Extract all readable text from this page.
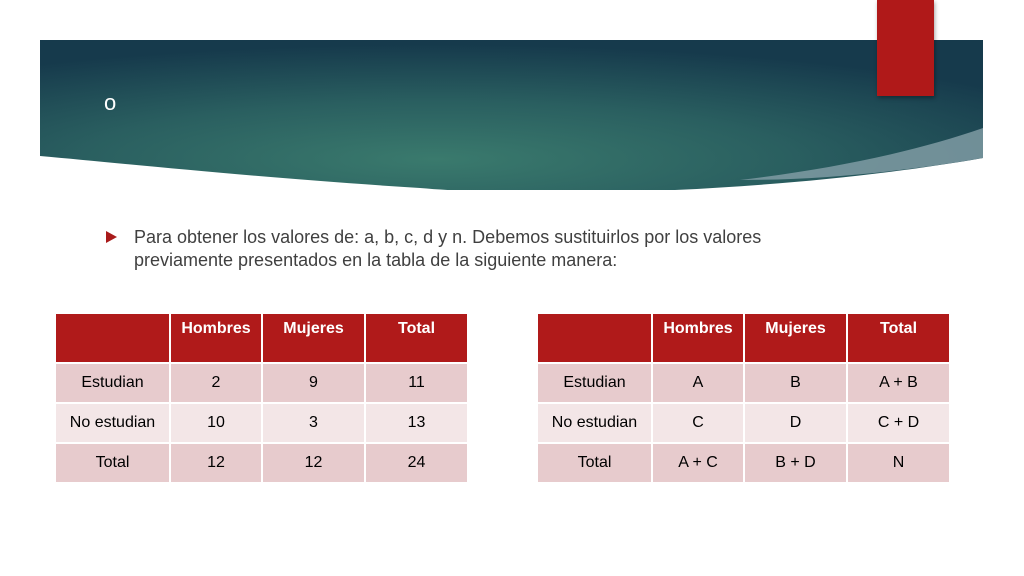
o
Para obtener los valores de: a, b, c, d y n. Debemos sustituirlos por los valores previamente presentados en la tabla de la siguiente manera:
	Hombres	Mujeres	Total
Estudian	2	9	11
No estudian	10	3	13
Total	12	12	24
	Hombres	Mujeres	Total
Estudian	A	B	A + B
No estudian	C	D	C + D
Total	A + C	B + D	N
